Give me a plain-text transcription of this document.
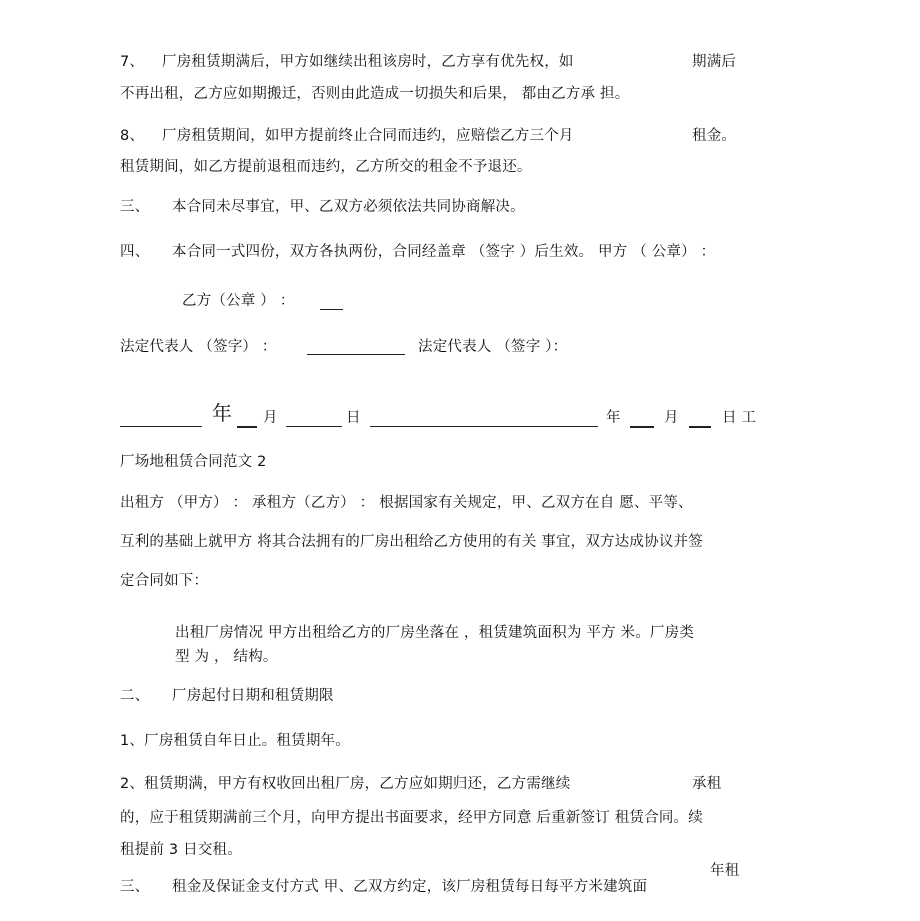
7、 厂房租赁期满后，甲方如继续出租该房时，乙方享有优先权，如	期满后
不再出租，乙方应如期搬迁，否则由此造成一切损失和后果， 都由乙方承 担。
8、 厂房租赁期间，如甲方提前终止合同而违约，应赔偿乙方三个月	租金。
租赁期间，如乙方提前退租而违约，乙方所交的租金不予退还。
三、 本合同未尽事宜，甲、乙双方必须依法共同协商解决。
四、 本合同一式四份，双方各执两份，合同经盖章 （签字 ）后生效。 甲方 （ 公章） ：
乙方（公章 ） ：
法定代表人 （签字） ：	法定代表人 （签字 ）：
年 月	日	年	月	日 工
厂场地租赁合同范文 2
出租方 （甲方） ： 承租方（乙方） ： 根据国家有关规定，甲、乙双方在自 愿、平等、
互利的基础上就甲方 将其合法拥有的厂房出租给乙方使用的有关 事宜，双方达成协议并签
定合同如下：
出租厂房情况 甲方出租给乙方的厂房坐落在 ，租赁建筑面积为 平方 米。厂房类
型 为 ， 结构。
二、 厂房起付日期和租赁期限
1、厂房租赁自年日止。租赁期年。
2、租赁期满，甲方有权收回出租厂房，乙方应如期归还，乙方需继续	承租
的，应于租赁期满前三个月，向甲方提出书面要求，经甲方同意 后重新签订 租赁合同。续
租提前 3 日交租。
年租
三、 租金及保证金支付方式 甲、乙双方约定，该厂房租赁每日每平方米建筑面
